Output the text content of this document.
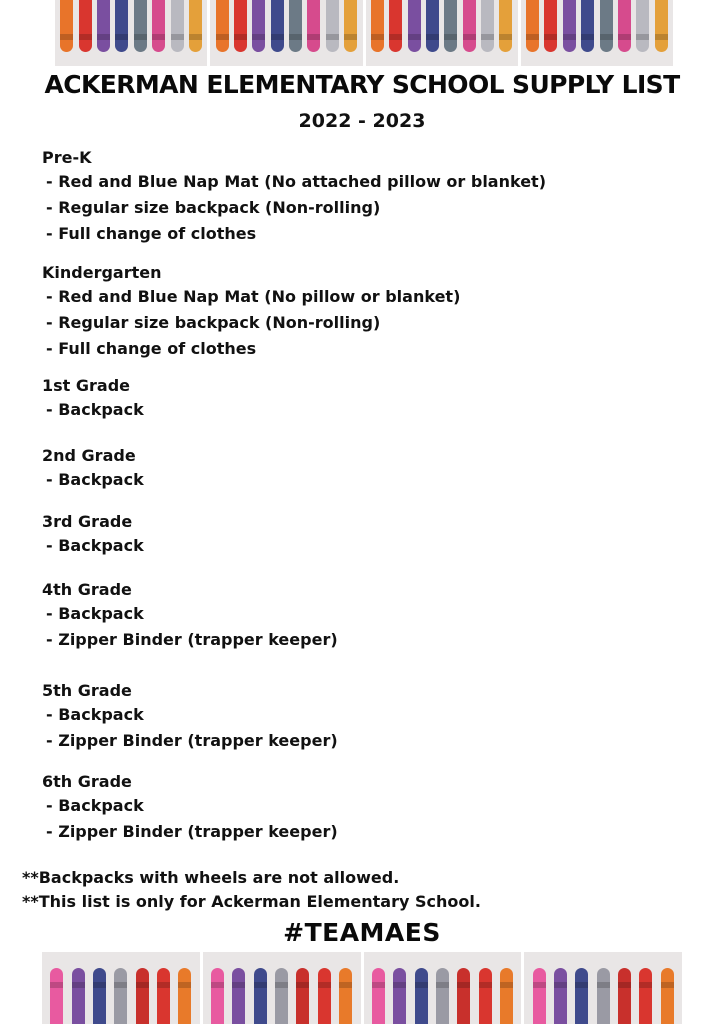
ACKERMAN ELEMENTARY SCHOOL SUPPLY LIST
2022 - 2023
Pre-K
- Red and Blue Nap Mat (No attached pillow or blanket)
- Regular size backpack (Non-rolling)
- Full change of clothes
Kindergarten
- Red and Blue Nap Mat (No pillow or blanket)
- Regular size backpack (Non-rolling)
- Full change of clothes
1st Grade
- Backpack
2nd Grade
- Backpack
3rd Grade
- Backpack
4th Grade
- Backpack
- Zipper Binder (trapper keeper)
5th Grade
- Backpack
- Zipper Binder (trapper keeper)
6th Grade
- Backpack
- Zipper Binder (trapper keeper)
**Backpacks with wheels are not allowed.
**This list is only for Ackerman Elementary School.
#TEAMAES
